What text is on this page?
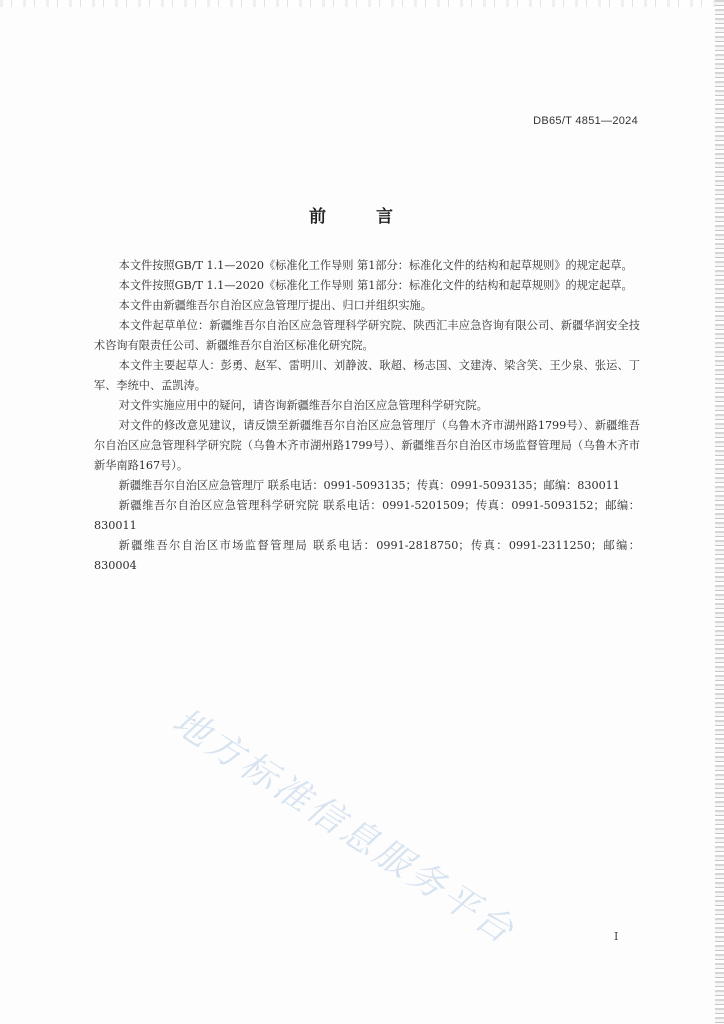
DB65/T 4851—2024
前 言

本文件按照GB/T 1.1—2020《标准化工作导则 第1部分：标准化文件的结构和起草规则》的规定起草。

本文件按照GB/T 1.1—2020《标准化工作导则 第1部分：标准化文件的结构和起草规则》的规定起草。

本文件由新疆维吾尔自治区应急管理厅提出、归口并组织实施。

本文件起草单位：新疆维吾尔自治区应急管理科学研究院、陕西汇丰应急咨询有限公司、新疆华润安全技术咨询有限责任公司、新疆维吾尔自治区标准化研究院。

本文件主要起草人：彭勇、赵军、雷明川、刘静波、耿超、杨志国、文建涛、梁含笑、王少泉、张运、丁军、李统中、孟凯涛。

对文件实施应用中的疑问，请咨询新疆维吾尔自治区应急管理科学研究院。

对文件的修改意见建议，请反馈至新疆维吾尔自治区应急管理厅（乌鲁木齐市湖州路1799号）、新疆维吾尔自治区应急管理科学研究院（乌鲁木齐市湖州路1799号）、新疆维吾尔自治区市场监督管理局（乌鲁木齐市新华南路167号）。

新疆维吾尔自治区应急管理厅 联系电话：0991-5093135；传真：0991-5093135；邮编：830011

新疆维吾尔自治区应急管理科学研究院 联系电话：0991-5201509；传真：0991-5093152；邮编：830011

新疆维吾尔自治区市场监督管理局 联系电话：0991-2818750；传真：0991-2311250；邮编：830004

地方标准信息服务平台	I
